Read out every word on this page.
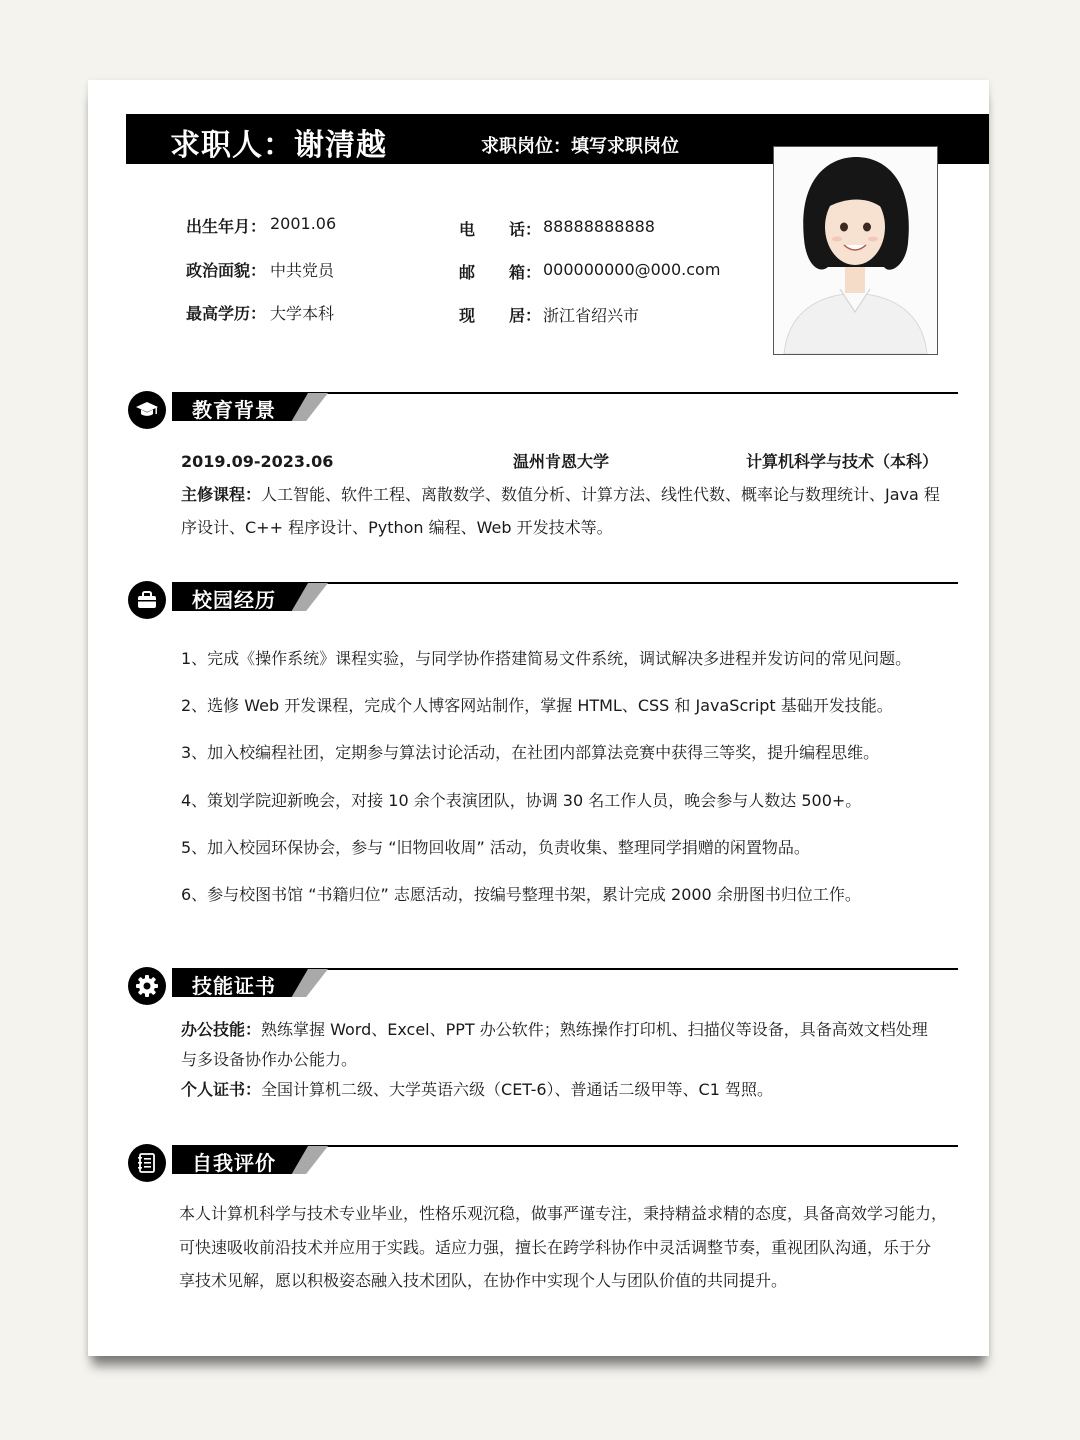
求职人：谢清越	求职岗位：填写求职岗位
出生年月： 2001.06
政治面貌： 中共党员
最高学历： 大学本科
电 话： 88888888888
邮 箱： 000000000@000.com
现 居： 浙江省绍兴市
教育背景
2019.09-2023.06	温州肯恩大学	计算机科学与技术（本科）
主修课程：人工智能、软件工程、离散数学、数值分析、计算方法、线性代数、概率论与数理统计、Java 程
序设计、C++ 程序设计、Python 编程、Web 开发技术等。
校园经历
1、完成《操作系统》课程实验，与同学协作搭建简易文件系统，调试解决多进程并发访问的常见问题。
2、选修 Web 开发课程，完成个人博客网站制作，掌握 HTML、CSS 和 JavaScript 基础开发技能。
3、加入校编程社团，定期参与算法讨论活动，在社团内部算法竞赛中获得三等奖，提升编程思维。
4、策划学院迎新晚会，对接 10 余个表演团队，协调 30 名工作人员，晚会参与人数达 500+。
5、加入校园环保协会，参与 “旧物回收周” 活动，负责收集、整理同学捐赠的闲置物品。
6、参与校图书馆 “书籍归位” 志愿活动，按编号整理书架，累计完成 2000 余册图书归位工作。
技能证书
办公技能：熟练掌握 Word、Excel、PPT 办公软件；熟练操作打印机、扫描仪等设备，具备高效文档处理
与多设备协作办公能力。
个人证书：全国计算机二级、大学英语六级（CET-6）、普通话二级甲等、C1 驾照。
自我评价
本人计算机科学与技术专业毕业，性格乐观沉稳，做事严谨专注，秉持精益求精的态度，具备高效学习能力，
可快速吸收前沿技术并应用于实践。适应力强，擅长在跨学科协作中灵活调整节奏，重视团队沟通，乐于分
享技术见解，愿以积极姿态融入技术团队，在协作中实现个人与团队价值的共同提升。
